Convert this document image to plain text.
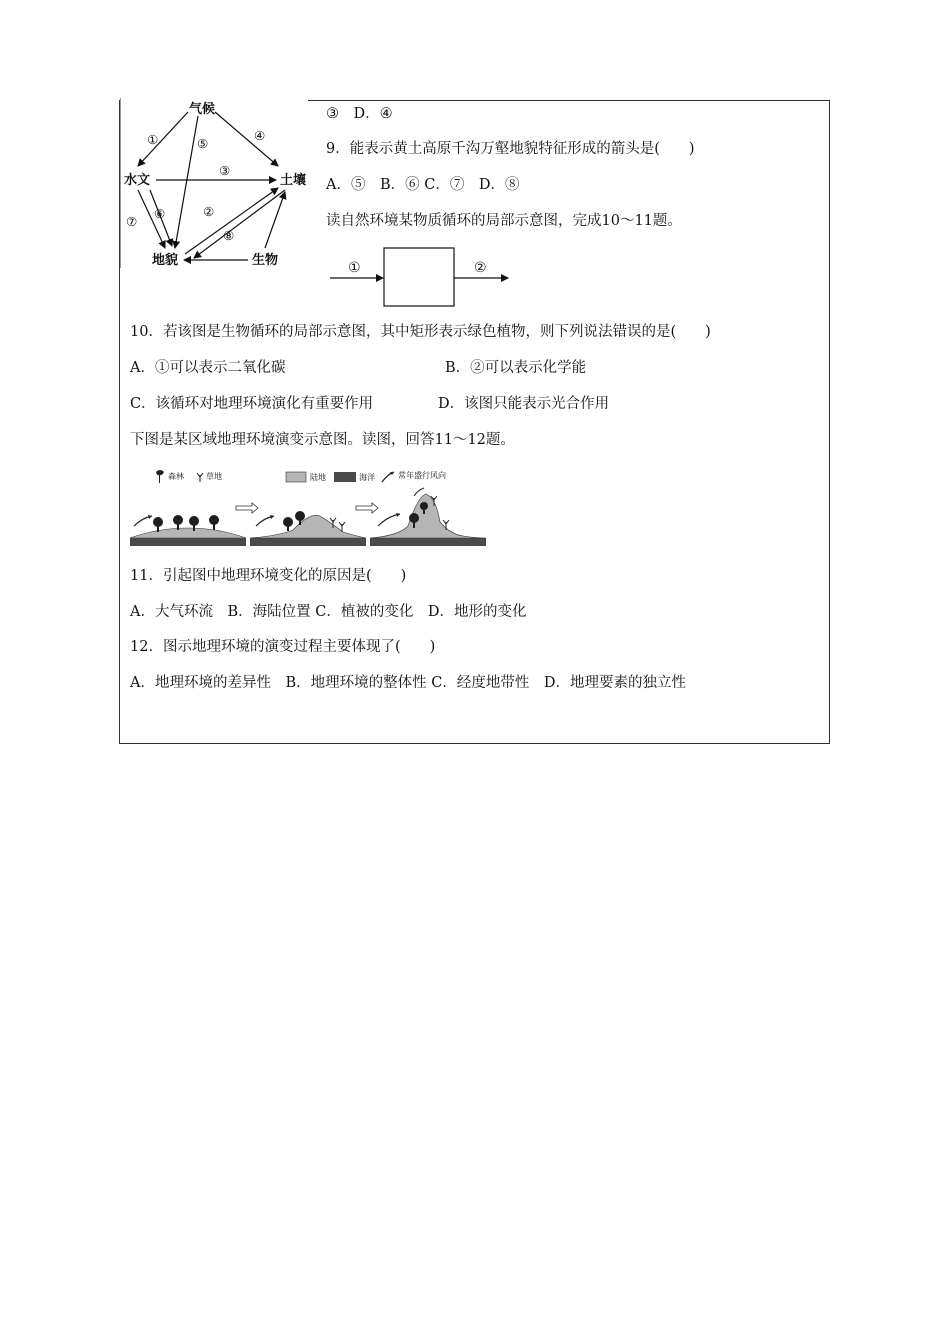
气候
水文	土壤
地貌	生物
①	④
⑤
③
⑦
⑥	②
⑧
③　D．④
9．能表示黄土高原千沟万壑地貌特征形成的箭头是(　　)
A．⑤　B．⑥ C．⑦　D．⑧
读自然环境某物质循环的局部示意图，完成10～11题。
①	②
10．若该图是生物循环的局部示意图，其中矩形表示绿色植物，则下列说法错误的是(　　)
A．①可以表示二氧化碳	B．②可以表示化学能
C．该循环对地理环境演化有重要作用	D．该图只能表示光合作用
下图是某区域地理环境演变示意图。读图，回答11～12题。
森林	草地	陆地	海洋	常年盛行风向
11．引起图中地理环境变化的原因是(　　)
A．大气环流　B．海陆位置 C．植被的变化　D．地形的变化
12．图示地理环境的演变过程主要体现了(　　)
A．地理环境的差异性　B．地理环境的整体性 C．经度地带性　D．地理要素的独立性
